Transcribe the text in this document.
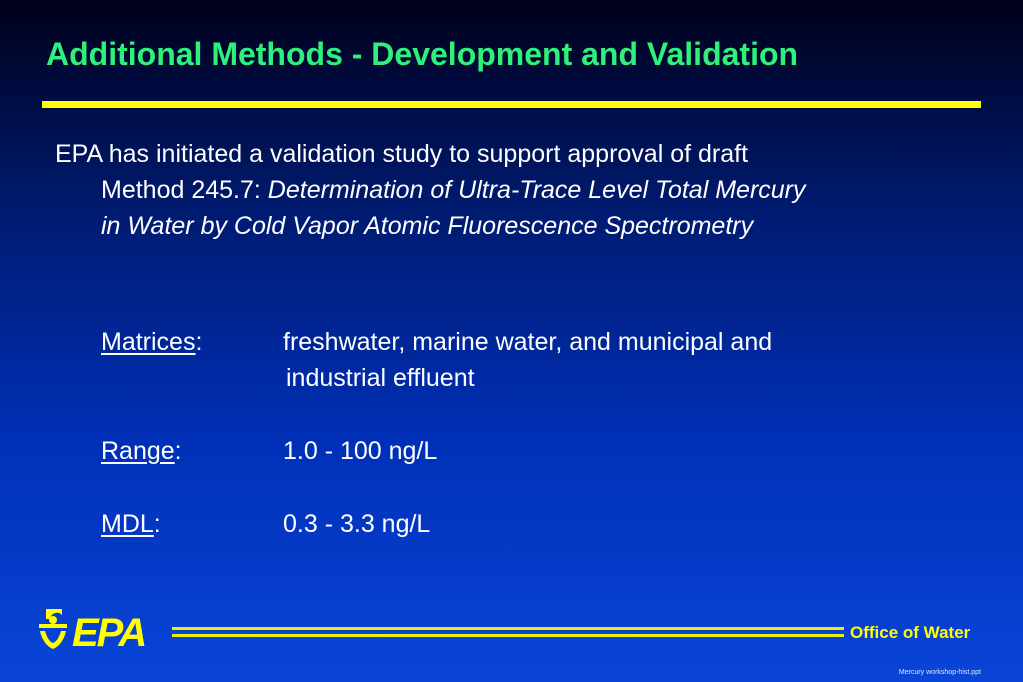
Additional Methods - Development and Validation
EPA has initiated a validation study to support approval of draft
Method 245.7: Determination of Ultra-Trace Level Total Mercury
in Water by Cold Vapor Atomic Fluorescence Spectrometry
Matrices:	freshwater, marine water, and municipal and
industrial effluent
Range:	1.0 - 100 ng/L
MDL:	0.3 - 3.3 ng/L
EPA	Office of Water
Mercury workshop-hist.ppt
